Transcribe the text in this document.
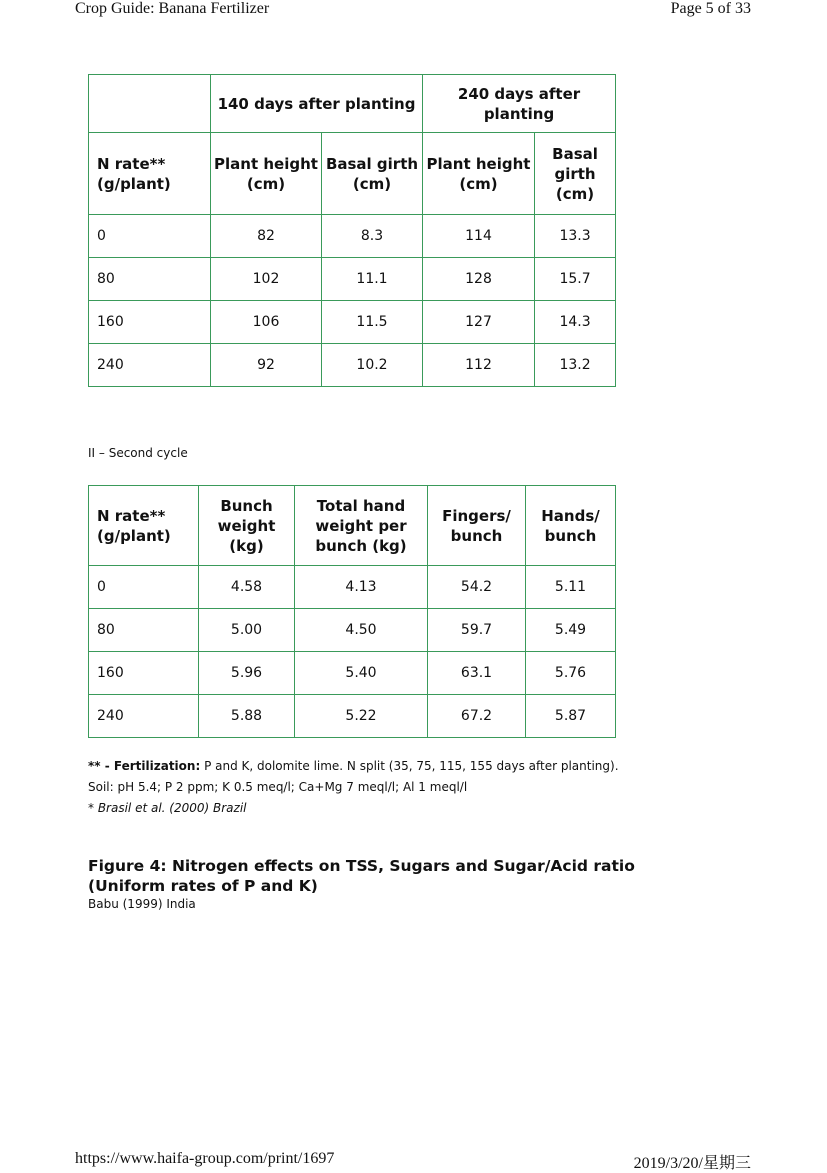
Crop Guide: Banana Fertilizer	Page 5 of 33
	140 days after planting		240 days after planting	
N rate** (g/plant)	Plant height (cm)	Basal girth (cm)	Plant height (cm)	Basal girth (cm)
0	82	8.3	114	13.3
80	102	11.1	128	15.7
160	106	11.5	127	14.3
240	92	10.2	112	13.2
II – Second cycle
N rate** (g/plant)	Bunch weight (kg)	Total hand weight per bunch (kg)	Fingers/ bunch	Hands/ bunch
0	4.58	4.13	54.2	5.11
80	5.00	4.50	59.7	5.49
160	5.96	5.40	63.1	5.76
240	5.88	5.22	67.2	5.87
** - Fertilization: P and K, dolomite lime. N split (35, 75, 115, 155 days after planting).
Soil: pH 5.4; P 2 ppm; K 0.5 meq/l; Ca+Mg 7 meql/l; Al 1 meql/l
* Brasil et al. (2000) Brazil
Figure 4: Nitrogen effects on TSS, Sugars and Sugar/Acid ratio
(Uniform rates of P and K)
Babu (1999) India
https://www.haifa-group.com/print/1697	2019/3/20/星期三
